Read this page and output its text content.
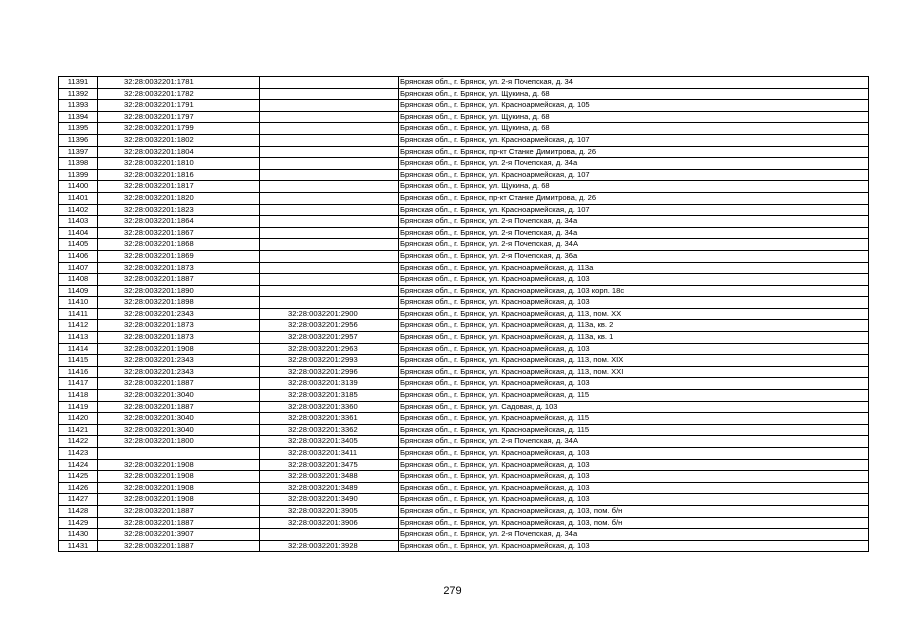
11391	32:28:0032201:1781		Брянская обл., г. Брянск, ул. 2-я Почепская, д. 34
11392	32:28:0032201:1782		Брянская обл., г. Брянск, ул. Щукина, д. 68
11393	32:28:0032201:1791		Брянская обл., г. Брянск, ул. Красноармейская, д. 105
11394	32:28:0032201:1797		Брянская обл., г. Брянск, ул. Щукина, д. 68
11395	32:28:0032201:1799		Брянская обл., г. Брянск, ул. Щукина, д. 68
11396	32:28:0032201:1802		Брянская обл., г. Брянск, ул. Красноармейская, д. 107
11397	32:28:0032201:1804		Брянская обл., г. Брянск, пр-кт Станке Димитрова, д. 26
11398	32:28:0032201:1810		Брянская обл., г. Брянск, ул. 2-я Почепская, д. 34а
11399	32:28:0032201:1816		Брянская обл., г. Брянск, ул. Красноармейская, д. 107
11400	32:28:0032201:1817		Брянская обл., г. Брянск, ул. Щукина, д. 68
11401	32:28:0032201:1820		Брянская обл., г. Брянск, пр-кт Станке Димитрова, д. 26
11402	32:28:0032201:1823		Брянская обл., г. Брянск, ул. Красноармейская, д. 107
11403	32:28:0032201:1864		Брянская обл., г. Брянск, ул. 2-я Почепская, д. 34а
11404	32:28:0032201:1867		Брянская обл., г. Брянск, ул. 2-я Почепская, д. 34а
11405	32:28:0032201:1868		Брянская обл., г. Брянск, ул. 2-я Почепская, д. 34А
11406	32:28:0032201:1869		Брянская обл., г. Брянск, ул. 2-я Почепская, д. 36а
11407	32:28:0032201:1873		Брянская обл., г. Брянск, ул. Красноармейская, д. 113а
11408	32:28:0032201:1887		Брянская обл., г. Брянск, ул. Красноармейская, д. 103
11409	32:28:0032201:1890		Брянская обл., г. Брянск, ул. Красноармейская, д. 103 корп. 18с
11410	32:28:0032201:1898		Брянская обл., г. Брянск, ул. Красноармейская, д. 103
11411	32:28:0032201:2343	32:28:0032201:2900	Брянская обл., г. Брянск, ул. Красноармейская, д. 113, пом. XX
11412	32:28:0032201:1873	32:28:0032201:2956	Брянская обл., г. Брянск, ул. Красноармейская, д. 113а, кв. 2
11413	32:28:0032201:1873	32:28:0032201:2957	Брянская обл., г. Брянск, ул. Красноармейская, д. 113а, кв. 1
11414	32:28:0032201:1908	32:28:0032201:2963	Брянская обл., г. Брянск, ул. Красноармейская, д. 103
11415	32:28:0032201:2343	32:28:0032201:2993	Брянская обл., г. Брянск, ул. Красноармейская, д. 113, пом. XIX
11416	32:28:0032201:2343	32:28:0032201:2996	Брянская обл., г. Брянск, ул. Красноармейская, д. 113, пом. XXI
11417	32:28:0032201:1887	32:28:0032201:3139	Брянская обл., г. Брянск, ул. Красноармейская, д. 103
11418	32:28:0032201:3040	32:28:0032201:3185	Брянская обл., г. Брянск, ул. Красноармейская, д. 115
11419	32:28:0032201:1887	32:28:0032201:3360	Брянская обл., г. Брянск, ул. Садовая, д. 103
11420	32:28:0032201:3040	32:28:0032201:3361	Брянская обл., г. Брянск, ул. Красноармейская, д. 115
11421	32:28:0032201:3040	32:28:0032201:3362	Брянская обл., г. Брянск, ул. Красноармейская, д. 115
11422	32:28:0032201:1800	32:28:0032201:3405	Брянская обл., г. Брянск, ул. 2-я Почепская, д. 34А
11423		32:28:0032201:3411	Брянская обл., г. Брянск, ул. Красноармейская, д. 103
11424	32:28:0032201:1908	32:28:0032201:3475	Брянская обл., г. Брянск, ул. Красноармейская, д. 103
11425	32:28:0032201:1908	32:28:0032201:3488	Брянская обл., г. Брянск, ул. Красноармейская, д. 103
11426	32:28:0032201:1908	32:28:0032201:3489	Брянская обл., г. Брянск, ул. Красноармейская, д. 103
11427	32:28:0032201:1908	32:28:0032201:3490	Брянская обл., г. Брянск, ул. Красноармейская, д. 103
11428	32:28:0032201:1887	32:28:0032201:3905	Брянская обл., г. Брянск, ул. Красноармейская, д. 103, пом. б/н
11429	32:28:0032201:1887	32:28:0032201:3906	Брянская обл., г. Брянск, ул. Красноармейская, д. 103, пом. б/н
11430	32:28:0032201:3907		Брянская обл., г. Брянск, ул. 2-я Почепская, д. 34а
11431	32:28:0032201:1887	32:28:0032201:3928	Брянская обл., г. Брянск, ул. Красноармейская, д. 103
279
